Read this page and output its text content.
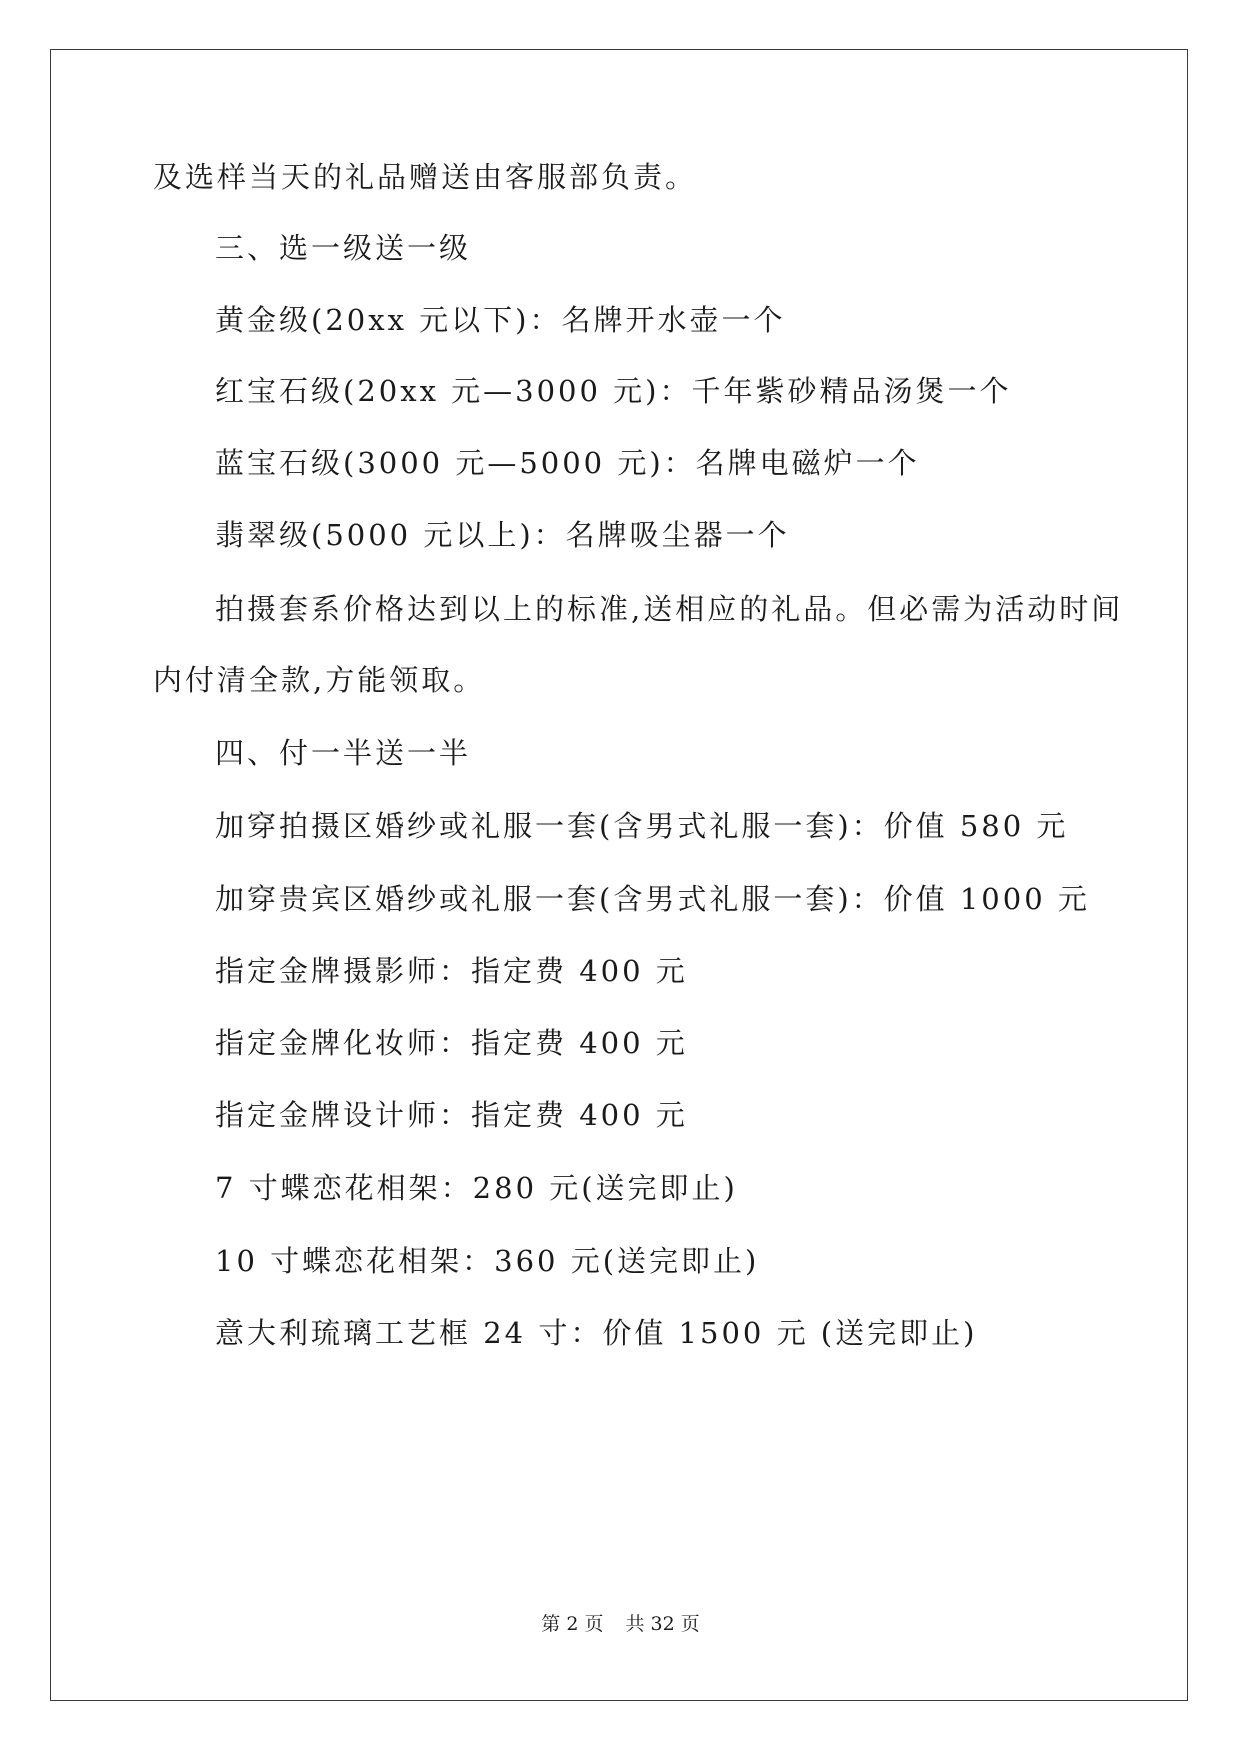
及选样当天的礼品赠送由客服部负责。
三、选一级送一级
黄金级(20xx 元以下)：名牌开水壶一个
红宝石级(20xx 元—3000 元)：千年紫砂精品汤煲一个
蓝宝石级(3000 元—5000 元)：名牌电磁炉一个
翡翠级(5000 元以上)：名牌吸尘器一个
拍摄套系价格达到以上的标准,送相应的礼品。但必需为活动时间
内付清全款,方能领取。
四、付一半送一半
加穿拍摄区婚纱或礼服一套(含男式礼服一套)：价值 580 元
加穿贵宾区婚纱或礼服一套(含男式礼服一套)：价值 1000 元
指定金牌摄影师：指定费 400 元
指定金牌化妆师：指定费 400 元
指定金牌设计师：指定费 400 元
7 寸蝶恋花相架：280 元(送完即止)
10 寸蝶恋花相架：360 元(送完即止)
意大利琉璃工艺框 24 寸：价值 1500 元 (送完即止)
第 2 页 共 32 页
